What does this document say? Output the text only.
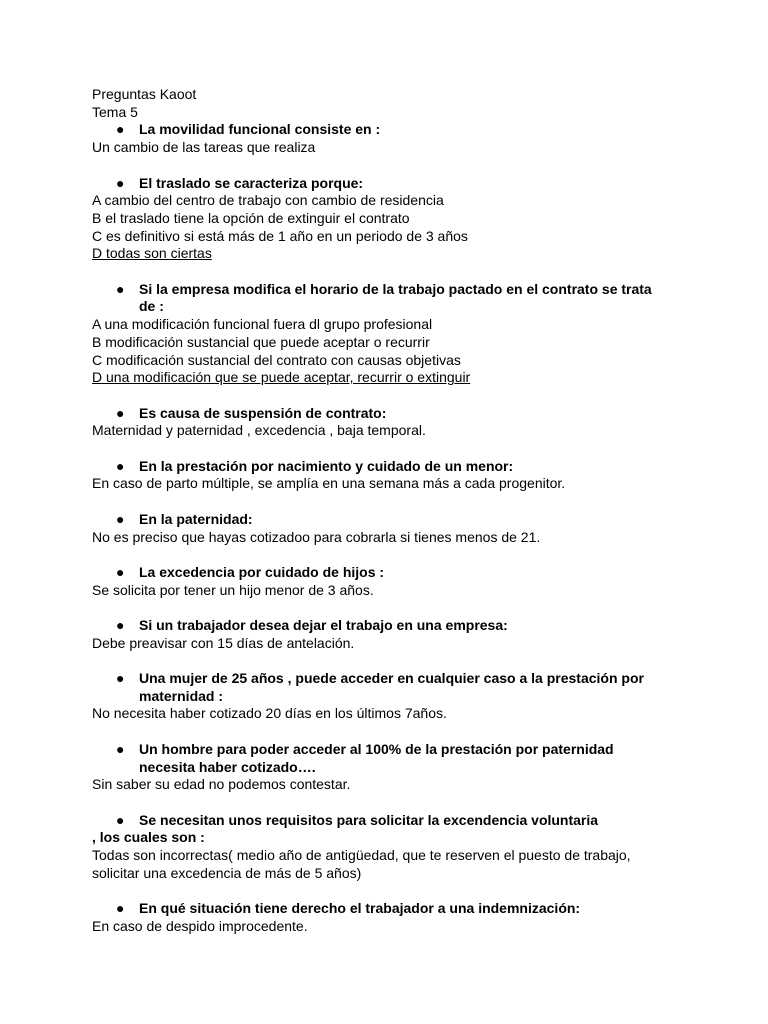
Preguntas Kaoot
Tema 5
● La movilidad funcional consiste en :
Un cambio de las tareas que realiza
● El traslado se caracteriza porque:
A cambio del centro de trabajo con cambio de residencia
B el traslado tiene la opción de extinguir el contrato
C es definitivo si está más de 1 año en un periodo de 3 años
D todas son ciertas
● Si la empresa modifica el horario de la trabajo pactado en el contrato se trata de :
A una modificación funcional fuera dl grupo profesional
B modificación sustancial que puede aceptar o recurrir
C modificación sustancial del contrato con causas objetivas
D una modificación que se puede aceptar, recurrir o extinguir
● Es causa de suspensión de contrato:
Maternidad y paternidad , excedencia , baja temporal.
● En la prestación por nacimiento y cuidado de un menor:
En caso de parto múltiple, se amplía en una semana más a cada progenitor.
● En la paternidad:
No es preciso que hayas cotizadoo para cobrarla si tienes menos de 21.
● La excedencia por cuidado de hijos :
Se solicita por tener un hijo menor de 3 años.
● Si un trabajador desea dejar el trabajo en una empresa:
Debe preavisar con 15 días de antelación.
● Una mujer de 25 años , puede acceder en cualquier caso a la prestación por maternidad :
No necesita haber cotizado 20 días en los últimos 7años.
● Un hombre para poder acceder al 100% de la prestación por paternidad necesita haber cotizado….
Sin saber su edad no podemos contestar.
● Se necesitan unos requisitos para solicitar la excendencia voluntaria
, los cuales son :
Todas son incorrectas( medio año de antigüedad, que te reserven el puesto de trabajo, solicitar una excedencia de más de 5 años)
● En qué situación tiene derecho el trabajador a una indemnización:
En caso de despido improcedente.
